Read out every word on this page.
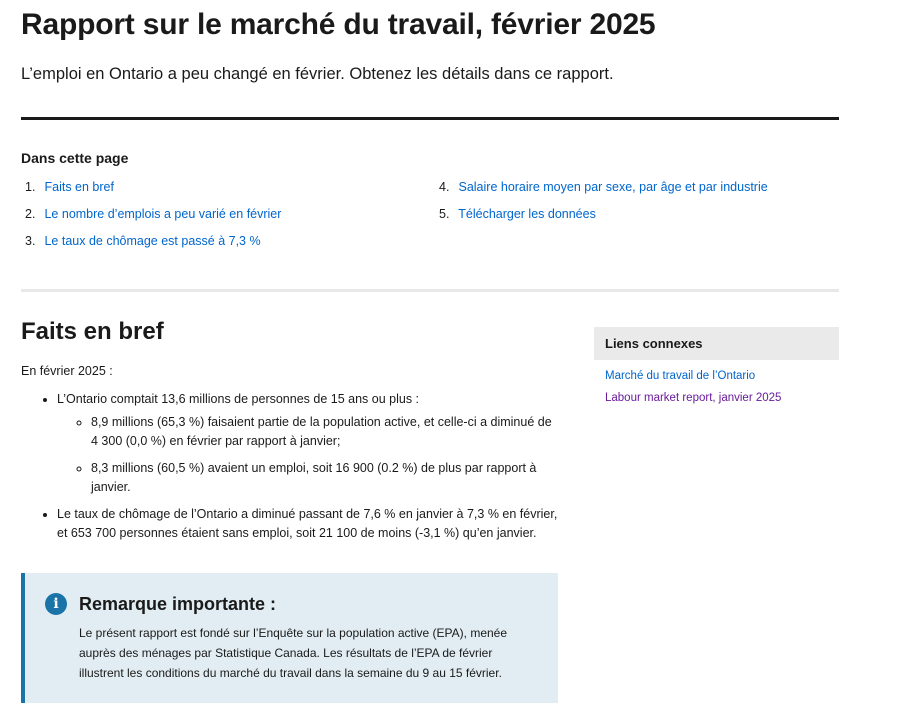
Rapport sur le marché du travail, février 2025

L’emploi en Ontario a peu changé en février. Obtenez les détails dans ce rapport.

Dans cette page
1. Faits en bref
2. Le nombre d’emplois a peu varié en février
3. Le taux de chômage est passé à 7,3 %
4. Salaire horaire moyen par sexe, par âge et par industrie
5. Télécharger les données
Faits en bref

En février 2025 :

• L’Ontario comptait 13,6 millions de personnes de 15 ans ou plus :
◦ 8,9 millions (65,3 %) faisaient partie de la population active, et celle-ci a diminué de 4 300 (0,0 %) en février par rapport à janvier;
◦ 8,3 millions (60,5 %) avaient un emploi, soit 16 900 (0.2 %) de plus par rapport à janvier.
• Le taux de chômage de l’Ontario a diminué passant de 7,6 % en janvier à 7,3 % en février, et 653 700 personnes étaient sans emploi, soit 21 100 de moins (-3,1 %) qu’en janvier.
i	Remarque importante :

Le présent rapport est fondé sur l’Enquête sur la population active (EPA), menée auprès des ménages par Statistique Canada. Les résultats de l’EPA de février illustrent les conditions du marché du travail dans la semaine du 9 au 15 février.

Liens connexes
Marché du travail de l’Ontario
Labour market report, janvier 2025
